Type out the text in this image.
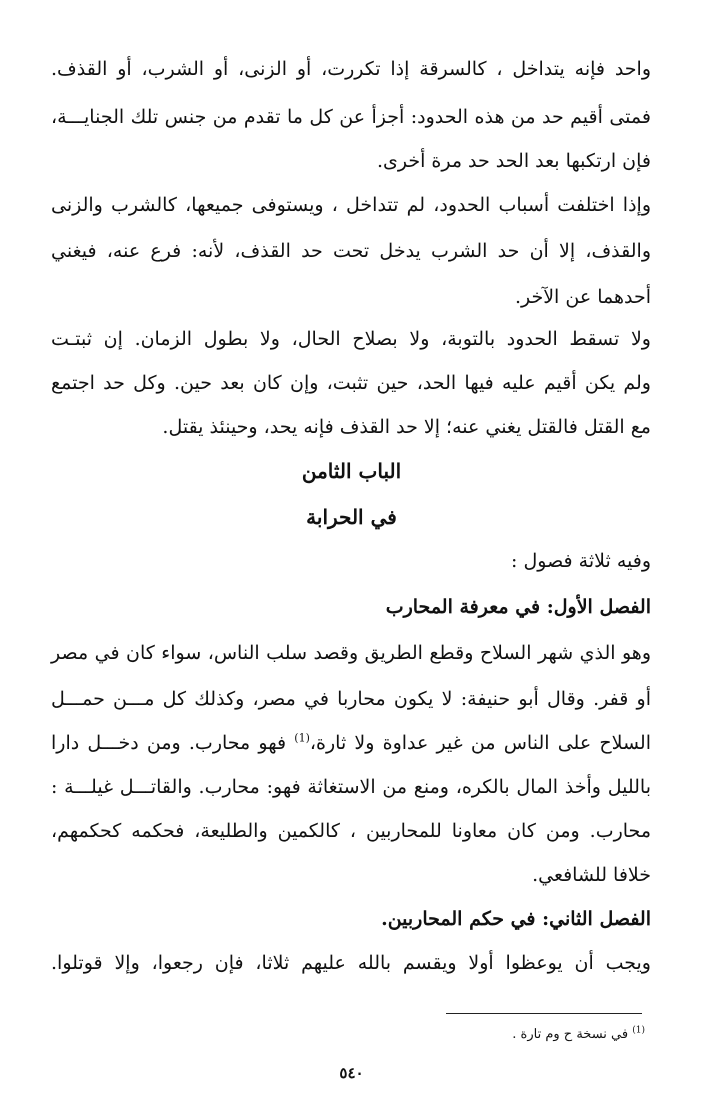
واحد فإنه يتداخل ، كالسرقة إذا تكررت، أو الزنى، أو الشرب، أو القذف.
فمتى أقيم حد من هذه الحدود: أجزأ عن كل ما تقدم من جنس تلك الجنايـــة،
فإن ارتكبها بعد الحد حد مرة أخرى.
وإذا اختلفت أسباب الحدود، لم تتداخل ، ويستوفى جميعها، كالشرب والزنى
والقذف، إلا أن حد الشرب يدخل تحت حد القذف، لأنه: فرع عنه، فيغني
أحدهما عن الآخر.
ولا تسقط الحدود بالتوبة، ولا بصلاح الحال، ولا بطول الزمان. إن ثبتـت
ولم يكن أقيم عليه فيها الحد، حين تثبت، وإن كان بعد حين. وكل حد اجتمع
مع القتل فالقتل يغني عنه؛ إلا حد القذف فإنه يحد، وحينئذ يقتل.
الباب الثامن
في الحرابة
وفيه ثلاثة فصول :
الفصل الأول: في معرفة المحارب
وهو الذي شهر السلاح وقطع الطريق وقصد سلب الناس، سواء كان في مصر
أو قفر. وقال أبو حنيفة: لا يكون محاربا في مصر، وكذلك كل مـــن حمـــل
السلاح على الناس من غير عداوة ولا ثارة،$^{(1)}$ فهو محارب. ومن دخـــل دارا
بالليل وأخذ المال بالكره، ومنع من الاستغاثة فهو: محارب. والقاتـــل غيلـــة :
محارب. ومن كان معاونا للمحاربين ، كالكمين والطليعة، فحكمه كحكمهم،
خلافا للشافعي.
الفصل الثاني: في حكم المحاربين.
ويجب أن يوعظوا أولا ويقسم بالله عليهم ثلاثا، فإن رجعوا، وإلا قوتلوا.
$^{(1)}$ في نسخة ح وم تارة .
٥٤٠
